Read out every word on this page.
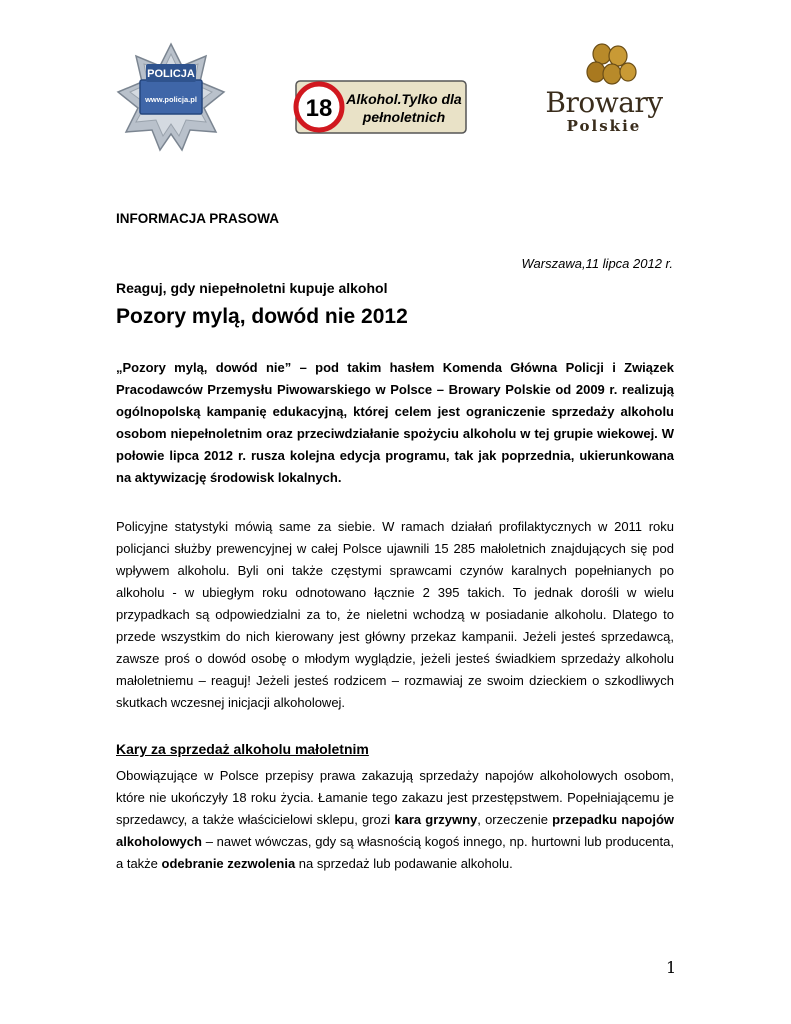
POLICJA
www.policja.pl	18 Alkohol.Tylko dla
pełnoletnich	Browary
Polskie
INFORMACJA PRASOWA
Warszawa,11 lipca 2012 r.
Reaguj, gdy niepełnoletni kupuje alkohol
Pozory mylą, dowód nie 2012
„Pozory mylą, dowód nie” – pod takim hasłem Komenda Główna Policji i Związek Pracodawców Przemysłu Piwowarskiego w Polsce – Browary Polskie od 2009 r. realizują ogólnopolską kampanię edukacyjną, której celem jest ograniczenie sprzedaży alkoholu osobom niepełnoletnim oraz przeciwdziałanie spożyciu alkoholu w tej grupie wiekowej. W połowie lipca 2012 r. rusza kolejna edycja programu, tak jak poprzednia, ukierunkowana na aktywizację środowisk lokalnych.
Policyjne statystyki mówią same za siebie. W ramach działań profilaktycznych w 2011 roku policjanci służby prewencyjnej w całej Polsce ujawnili 15 285 małoletnich znajdujących się pod wpływem alkoholu. Byli oni także częstymi sprawcami czynów karalnych popełnianych po alkoholu - w ubiegłym roku odnotowano łącznie 2 395 takich. To jednak dorośli w wielu przypadkach są odpowiedzialni za to, że nieletni wchodzą w posiadanie alkoholu. Dlatego to przede wszystkim do nich kierowany jest główny przekaz kampanii. Jeżeli jesteś sprzedawcą, zawsze proś o dowód osobę o młodym wyglądzie, jeżeli jesteś świadkiem sprzedaży alkoholu małoletniemu – reaguj! Jeżeli jesteś rodzicem – rozmawiaj ze swoim dzieckiem o szkodliwych skutkach wczesnej inicjacji alkoholowej.
Kary za sprzedaż alkoholu małoletnim
Obowiązujące w Polsce przepisy prawa zakazują sprzedaży napojów alkoholowych osobom, które nie ukończyły 18 roku życia. Łamanie tego zakazu jest przestępstwem. Popełniającemu je sprzedawcy, a także właścicielowi sklepu, grozi kara grzywny, orzeczenie przepadku napojów alkoholowych – nawet wówczas, gdy są własnością kogoś innego, np. hurtowni lub producenta, a także odebranie zezwolenia na sprzedaż lub podawanie alkoholu.
1
